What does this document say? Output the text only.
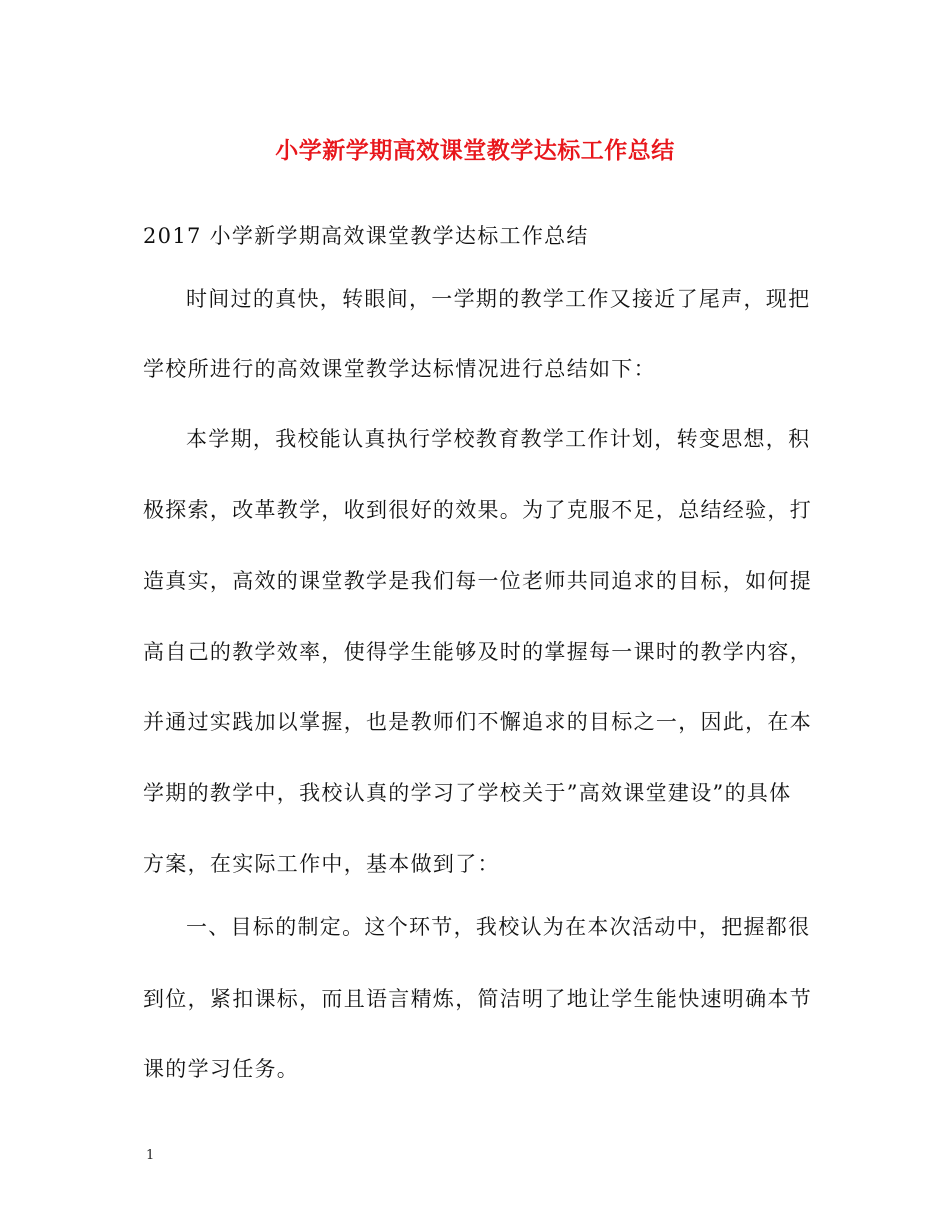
小学新学期高效课堂教学达标工作总结
2017 小学新学期高效课堂教学达标工作总结
时间过的真快，转眼间，一学期的教学工作又接近了尾声，现把
学校所进行的高效课堂教学达标情况进行总结如下：
本学期，我校能认真执行学校教育教学工作计划，转变思想，积
极探索，改革教学，收到很好的效果。为了克服不足，总结经验，打
造真实，高效的课堂教学是我们每一位老师共同追求的目标，如何提
高自己的教学效率，使得学生能够及时的掌握每一课时的教学内容，
并通过实践加以掌握，也是教师们不懈追求的目标之一，因此，在本
学期的教学中，我校认真的学习了学校关于”高效课堂建设”的具体
方案，在实际工作中，基本做到了：
一、目标的制定。这个环节，我校认为在本次活动中，把握都很
到位，紧扣课标，而且语言精炼，简洁明了地让学生能快速明确本节
课的学习任务。
1
